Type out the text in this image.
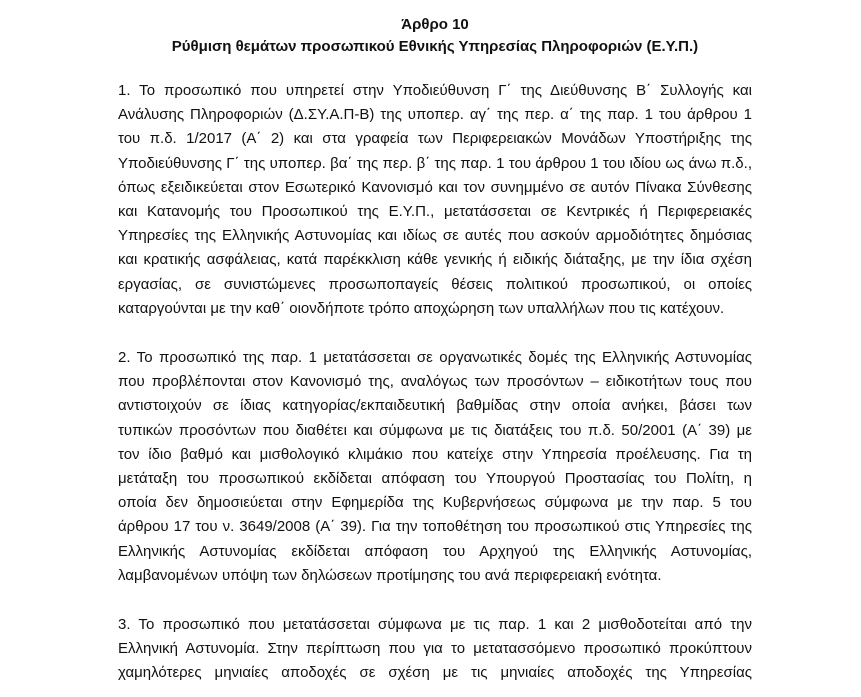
Άρθρο 10
Ρύθμιση θεμάτων προσωπικού Εθνικής Υπηρεσίας Πληροφοριών (Ε.Υ.Π.)
1. Το προσωπικό που υπηρετεί στην Υποδιεύθυνση Γ΄ της Διεύθυνσης Β΄ Συλλογής και
Ανάλυσης Πληροφοριών (Δ.ΣΥ.Α.Π-Β) της υποπερ. αγ΄ της περ. α΄ της παρ. 1 του άρθρου 1
του π.δ. 1/2017 (Α΄ 2) και στα γραφεία των Περιφερειακών Μονάδων Υποστήριξης της
Υποδιεύθυνσης Γ΄ της υποπερ. βα΄ της περ. β΄ της παρ. 1 του άρθρου 1 του ιδίου ως άνω π.δ.,
όπως εξειδικεύεται στον Εσωτερικό Κανονισμό και τον συνημμένο σε αυτόν Πίνακα Σύνθεσης
και Κατανομής του Προσωπικού της Ε.Υ.Π., μετατάσσεται σε Κεντρικές ή Περιφερειακές
Υπηρεσίες της Ελληνικής Αστυνομίας και ιδίως σε αυτές που ασκούν αρμοδιότητες δημόσιας
και κρατικής ασφάλειας, κατά παρέκκλιση κάθε γενικής ή ειδικής διάταξης, με την ίδια σχέση
εργασίας, σε συνιστώμενες προσωποπαγείς θέσεις πολιτικού προσωπικού, οι οποίες
καταργούνται με την καθ΄ οιονδήποτε τρόπο αποχώρηση των υπαλλήλων που τις κατέχουν.
2. Το προσωπικό της παρ. 1 μετατάσσεται σε οργανωτικές δομές της Ελληνικής Αστυνομίας
που προβλέπονται στον Κανονισμό της, αναλόγως των προσόντων – ειδικοτήτων τους που
αντιστοιχούν σε ίδιας κατηγορίας/εκπαιδευτική βαθμίδας στην οποία ανήκει, βάσει των
τυπικών προσόντων που διαθέτει και σύμφωνα με τις διατάξεις του π.δ. 50/2001 (Α΄ 39) με
τον ίδιο βαθμό και μισθολογικό κλιμάκιο που κατείχε στην Υπηρεσία προέλευσης. Για τη
μετάταξη του προσωπικού εκδίδεται απόφαση του Υπουργού Προστασίας του Πολίτη, η
οποία δεν δημοσιεύεται στην Εφημερίδα της Κυβερνήσεως σύμφωνα με την παρ. 5 του
άρθρου 17 του ν. 3649/2008 (Α΄ 39). Για την τοποθέτηση του προσωπικού στις Υπηρεσίες της
Ελληνικής Αστυνομίας εκδίδεται απόφαση του Αρχηγού της Ελληνικής Αστυνομίας,
λαμβανομένων υπόψη των δηλώσεων προτίμησης του ανά περιφερειακή ενότητα.
3. Το προσωπικό που μετατάσσεται σύμφωνα με τις παρ. 1 και 2 μισθοδοτείται από την
Ελληνική Αστυνομία. Στην περίπτωση που για το μετατασσόμενο προσωπικό προκύπτουν
χαμηλότερες μηνιαίες αποδοχές σε σχέση με τις μηνιαίες αποδοχές της Υπηρεσίας
